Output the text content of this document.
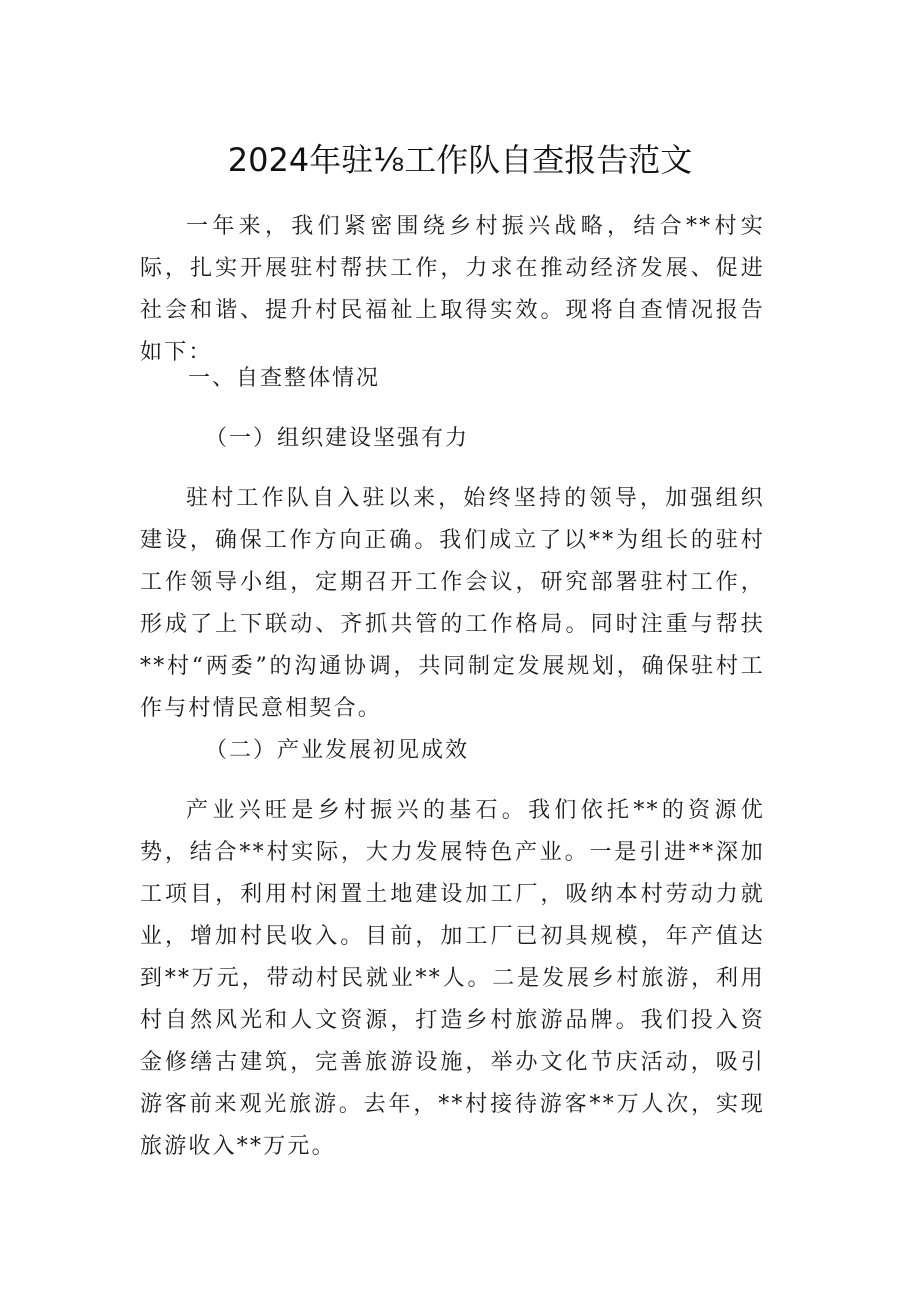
2024年驻⅛工作队自查报告范文

一年来，我们紧密围绕乡村振兴战略，结合**村实际，扎实开展驻村帮扶工作，力求在推动经济发展、促进社会和谐、提升村民福祉上取得实效。现将自查情况报告如下：

一、自查整体情况
（一）组织建设坚强有力

驻村工作队自入驻以来，始终坚持的领导，加强组织建设，确保工作方向正确。我们成立了以**为组长的驻村工作领导小组，定期召开工作会议，研究部署驻村工作，形成了上下联动、齐抓共管的工作格局。同时注重与帮扶**村“两委”的沟通协调，共同制定发展规划，确保驻村工作与村情民意相契合。

（二）产业发展初见成效

产业兴旺是乡村振兴的基石。我们依托**的资源优势，结合**村实际，大力发展特色产业。一是引进**深加工项目，利用村闲置土地建设加工厂，吸纳本村劳动力就业，增加村民收入。目前，加工厂已初具规模，年产值达到**万元，带动村民就业**人。二是发展乡村旅游，利用村自然风光和人文资源，打造乡村旅游品牌。我们投入资金修缮古建筑，完善旅游设施，举办文化节庆活动，吸引游客前来观光旅游。去年，**村接待游客**万人次，实现旅游收入**万元。
